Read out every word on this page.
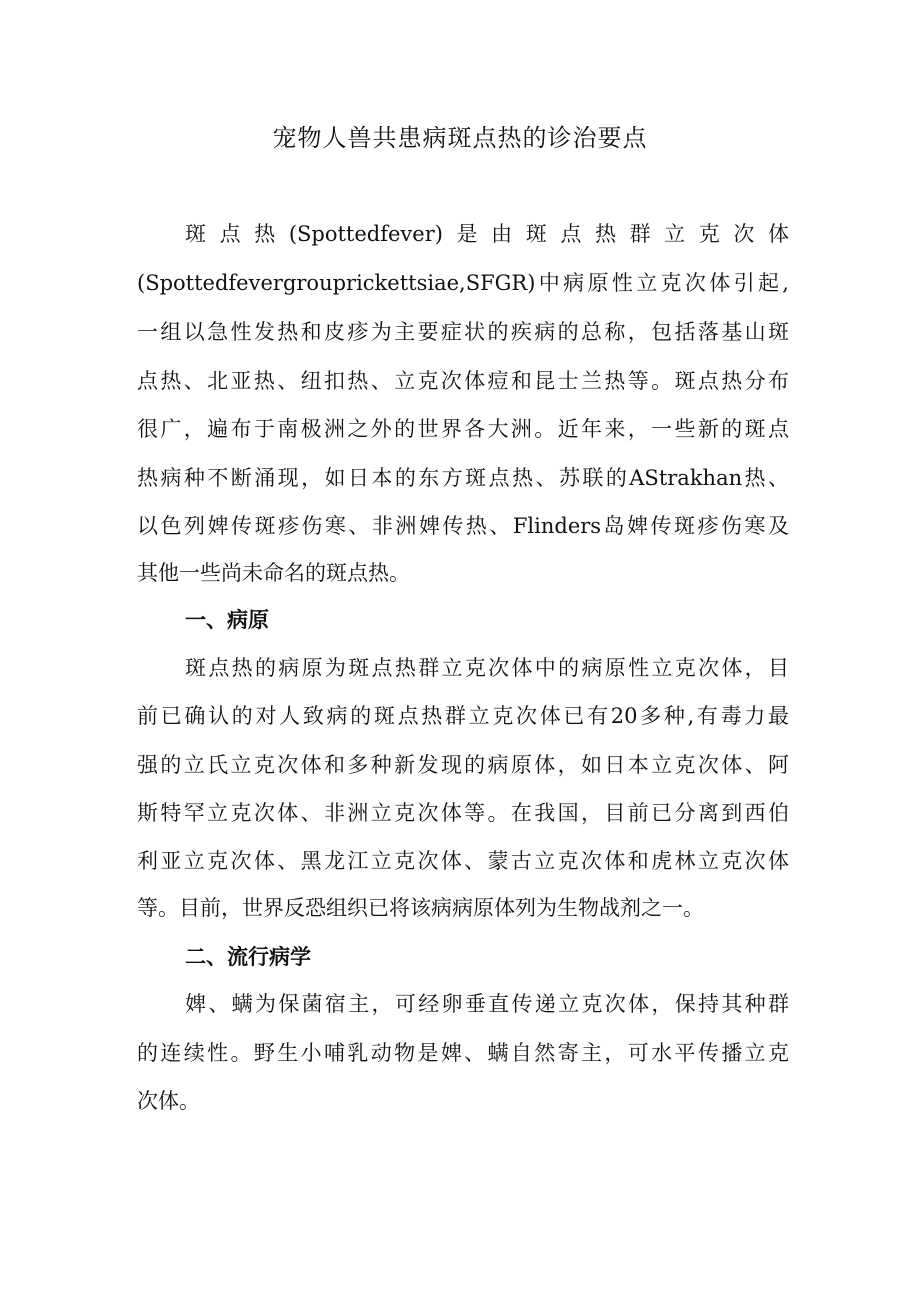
宠物人兽共患病斑点热的诊治要点

斑点热(Spottedfever)是由斑点热群立克次体

(Spottedfevergrouprickettsiae,SFGR)中病原性立克次体引起,

一组以急性发热和皮疹为主要症状的疾病的总称，包括落基山斑

点热、北亚热、纽扣热、立克次体痘和昆士兰热等。斑点热分布

很广，遍布于南极洲之外的世界各大洲。近年来，一些新的斑点

热病种不断涌现，如日本的东方斑点热、苏联的AStrakhan热、

以色列婢传斑疹伤寒、非洲婢传热、Flinders岛婢传斑疹伤寒及

其他一些尚未命名的斑点热。

一、病原

斑点热的病原为斑点热群立克次体中的病原性立克次体，目

前已确认的对人致病的斑点热群立克次体已有20多种,有毒力最

强的立氏立克次体和多种新发现的病原体，如日本立克次体、阿

斯特罕立克次体、非洲立克次体等。在我国，目前已分离到西伯

利亚立克次体、黑龙江立克次体、蒙古立克次体和虎林立克次体

等。目前，世界反恐组织已将该病病原体列为生物战剂之一。

二、流行病学

婢、螨为保菌宿主，可经卵垂直传递立克次体，保持其种群

的连续性。野生小哺乳动物是婢、螨自然寄主，可水平传播立克

次体。
